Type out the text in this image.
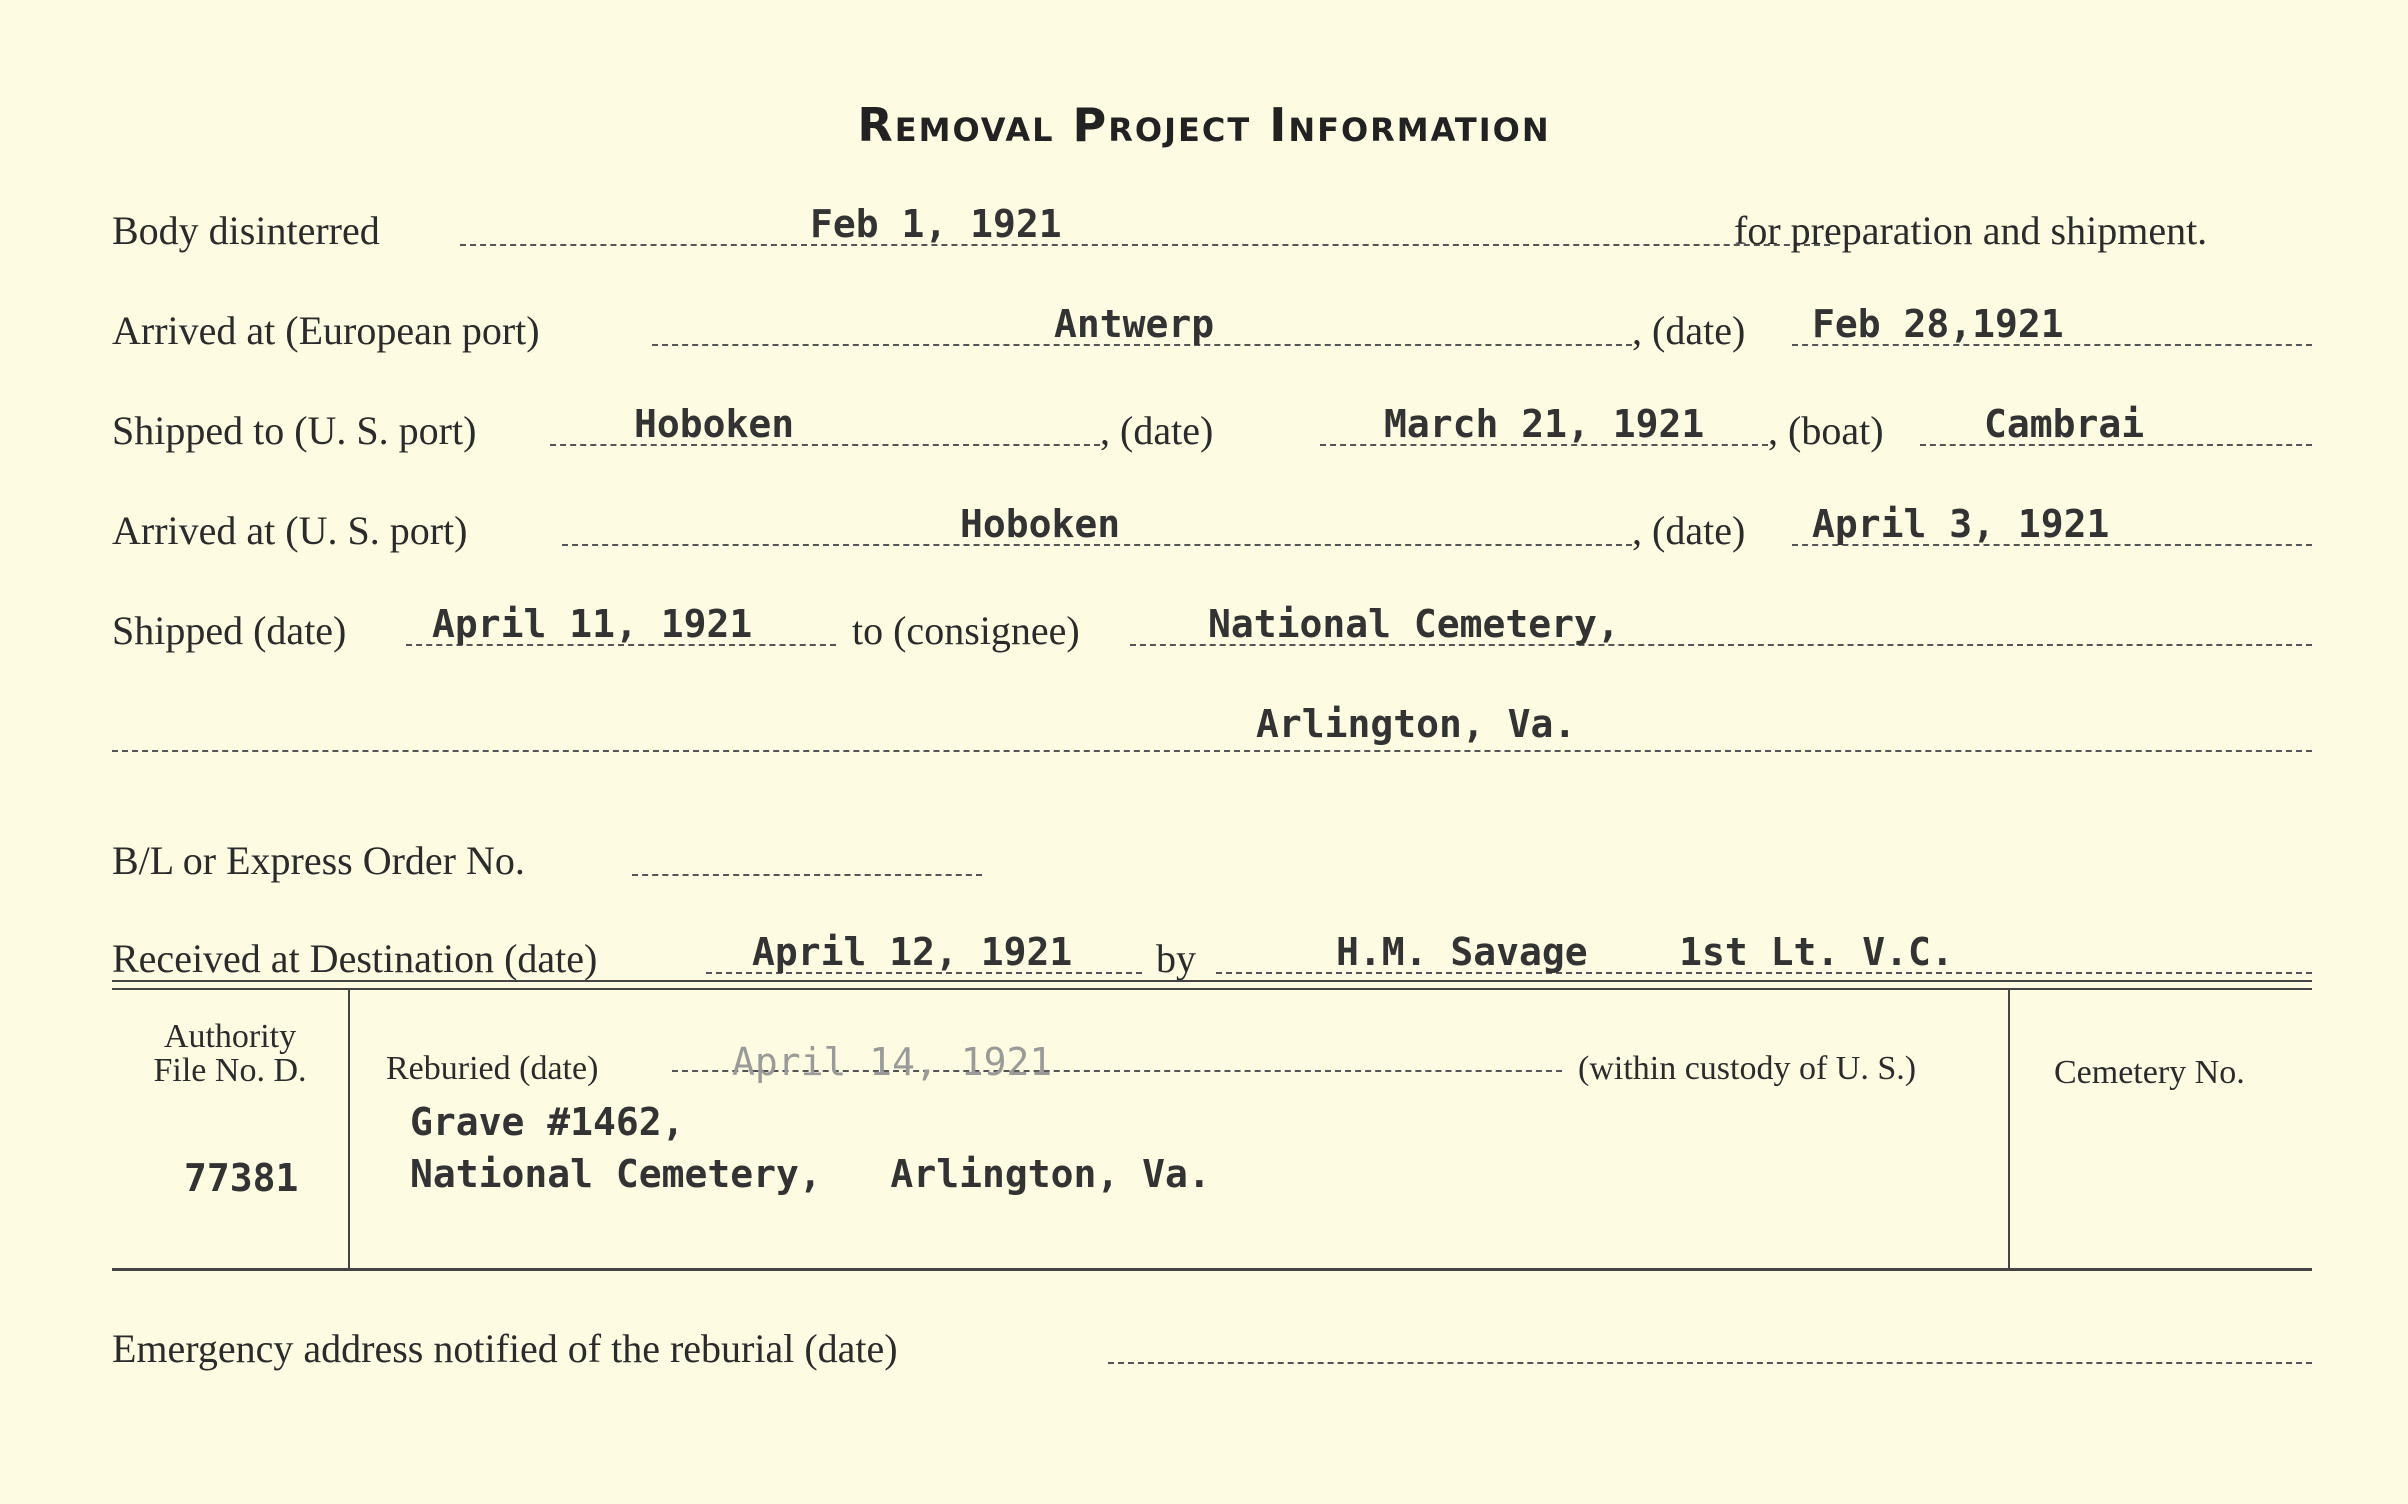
Removal Project Information
Body disinterred	Feb 1, 1921	for preparation and shipment.
Arrived at (European port)	Antwerp	, (date) Feb 28,1921
Shipped to (U. S. port)	Hoboken	, (date)	March 21, 1921 , (boat)	Cambrai
Arrived at (U. S. port)	Hoboken	, (date) April 3, 1921
Shipped (date) April 11, 1921 to (consignee)	National Cemetery,
Arlington, Va.
B/L or Express Order No.
Received at Destination (date)	April 12, 1921 by	H.M. Savage    1st Lt. V.C.
Authority
File No. D.
77381
Reburied (date)	April 14, 1921	(within custody of U. S.)
Grave #1462,
National Cemetery,   Arlington, Va.
Cemetery No.
Emergency address notified of the reburial (date)
